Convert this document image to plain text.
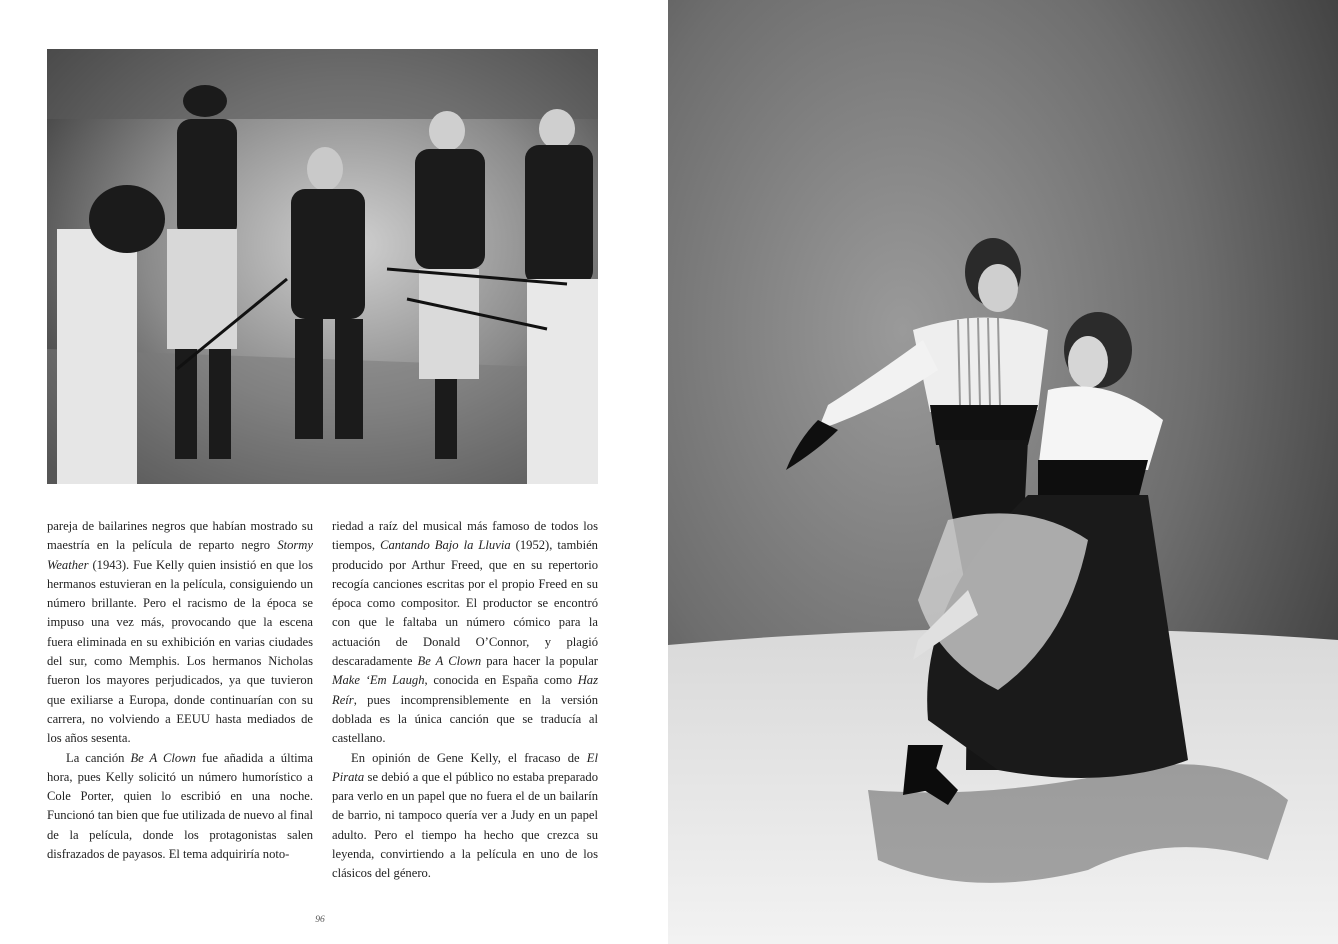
pareja de bailarines negros que habían mostrado su maestría en la película de reparto negro Stormy Weather (1943). Fue Kelly quien insistió en que los hermanos estuvieran en la película, consiguiendo un número brillante. Pero el racismo de la época se impuso una vez más, provocando que la escena fuera eliminada en su exhibición en varias ciudades del sur, como Memphis. Los hermanos Nicholas fueron los mayores perjudicados, ya que tuvieron que exiliarse a Europa, donde continuarían con su carrera, no volviendo a EEUU hasta mediados de los años sesenta.

La canción Be A Clown fue añadida a última hora, pues Kelly solicitó un número humorístico a Cole Porter, quien lo escribió en una noche. Funcionó tan bien que fue utilizada de nuevo al final de la película, donde los protagonistas salen disfrazados de payasos. El tema adquiriría noto-

riedad a raíz del musical más famoso de todos los tiempos, Cantando Bajo la Lluvia (1952), también producido por Arthur Freed, que en su repertorio recogía canciones escritas por el propio Freed en su época como compositor. El productor se encontró con que le faltaba un número cómico para la actuación de Donald O’Connor, y plagió descaradamente Be A Clown para hacer la popular Make ‘Em Laugh, conocida en España como Haz Reír, pues incomprensiblemente en la versión doblada es la única canción que se traducía al castellano.

En opinión de Gene Kelly, el fracaso de El Pirata se debió a que el público no estaba preparado para verlo en un papel que no fuera el de un bailarín de barrio, ni tampoco quería ver a Judy en un papel adulto. Pero el tiempo ha hecho que crezca su leyenda, convirtiendo a la película en uno de los clásicos del género.

96
